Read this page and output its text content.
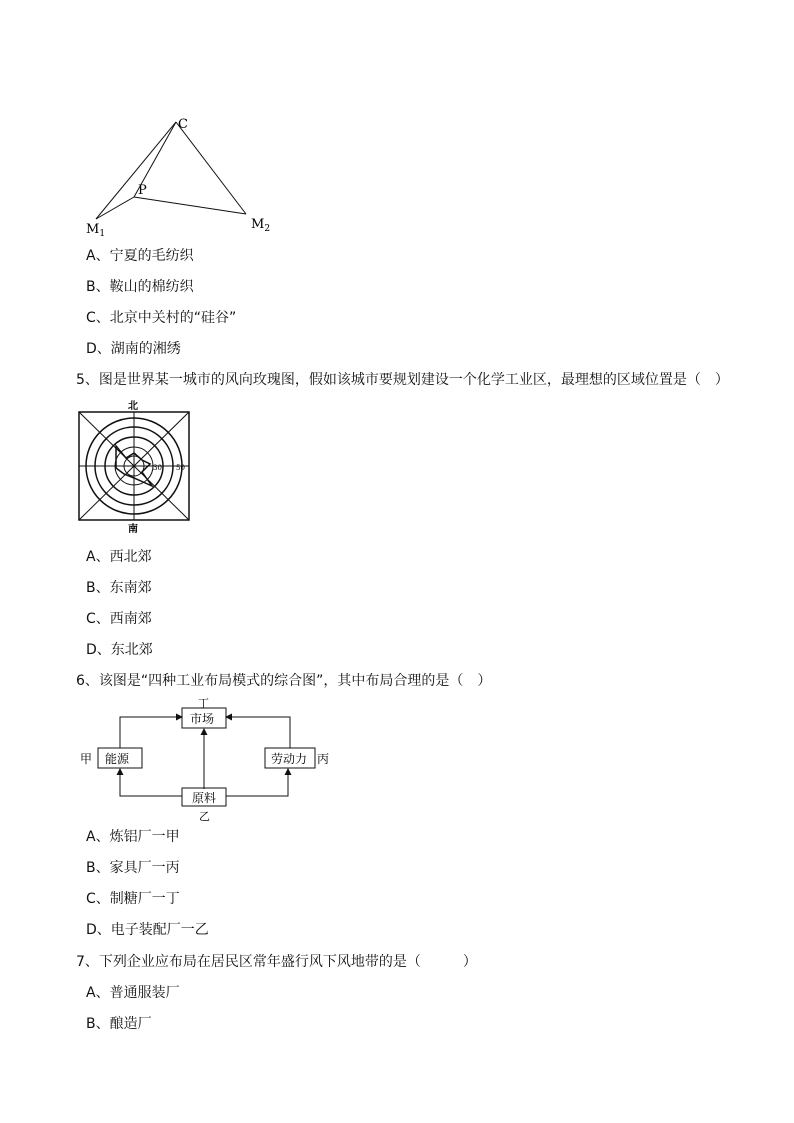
C
P
$M_1$
$M_2$
A、宁夏的毛纺织
B、鞍山的棉纺织
C、北京中关村的“硅谷”
D、湖南的湘绣
5、图是世界某一城市的风向玫瑰图，假如该城市要规划建设一个化学工业区，最理想的区域位置是（　）
北
30 50
南
A、西北郊
B、东南郊
C、西南郊
D、东北郊
6、该图是“四种工业布局模式的综合图”，其中布局合理的是（　）
丁
市场
甲 能源	劳动力 丙
原料
乙
A、炼铝厂一甲
B、家具厂一丙
C、制糖厂一丁
D、电子装配厂一乙
7、下列企业应布局在居民区常年盛行风下风地带的是（　　　）
A、普通服装厂
B、酿造厂
